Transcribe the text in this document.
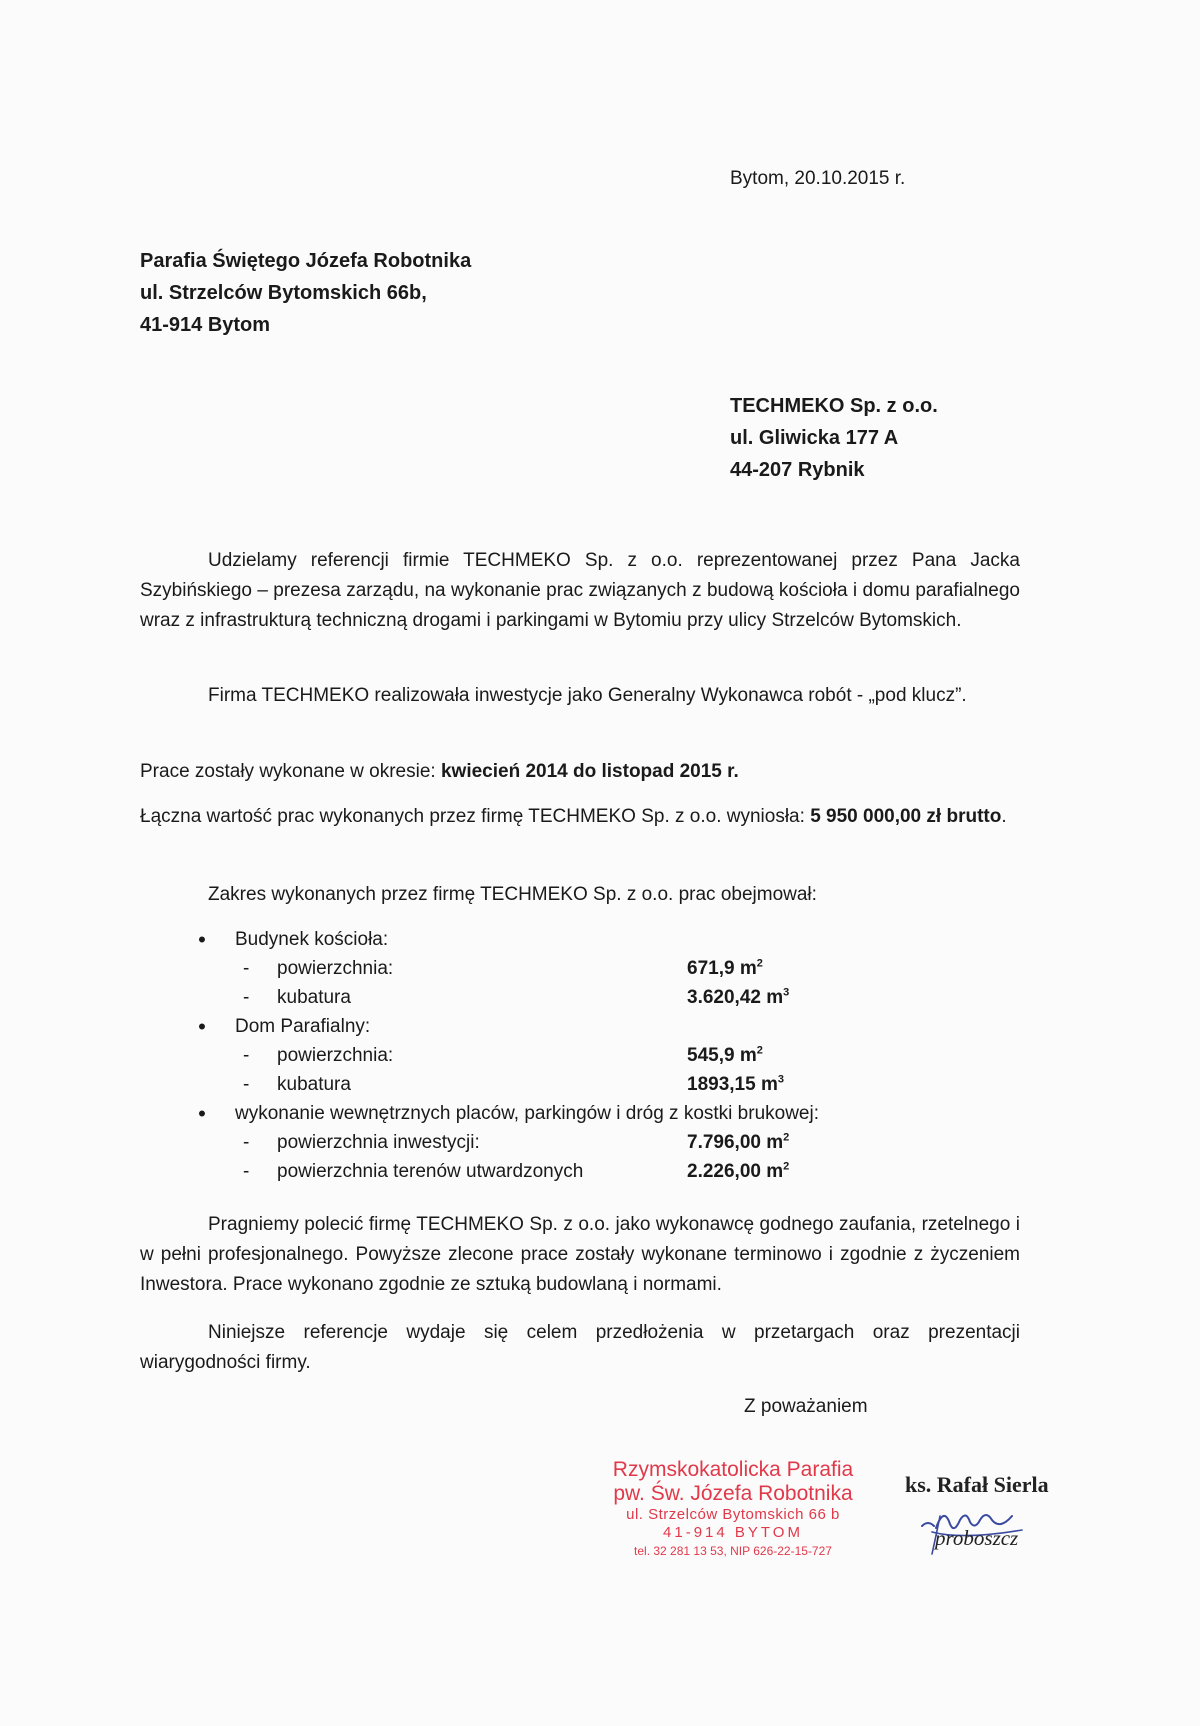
Bytom, 20.10.2015 r.
Parafia Świętego Józefa Robotnika
ul. Strzelców Bytomskich 66b,
41-914 Bytom
TECHMEKO Sp. z o.o.
ul. Gliwicka 177 A
44-207 Rybnik

Udzielamy referencji firmie TECHMEKO Sp. z o.o. reprezentowanej przez Pana Jacka Szybińskiego – prezesa zarządu, na wykonanie prac związanych z budową kościoła i domu parafialnego wraz z infrastrukturą techniczną drogami i parkingami w Bytomiu przy ulicy Strzelców Bytomskich.

Firma TECHMEKO realizowała inwestycje jako Generalny Wykonawca robót - „pod klucz”.

Prace zostały wykonane w okresie: kwiecień 2014 do listopad 2015 r.

Łączna wartość prac wykonanych przez firmę TECHMEKO Sp. z o.o. wyniosła: 5 950 000,00 zł brutto.

Zakres wykonanych przez firmę TECHMEKO Sp. z o.o. prac obejmował:

• Budynek kościoła:
- powierzchnia:	671,9 $m^2$
- kubatura	3.620,42 $m^3$
• Dom Parafialny:
- powierzchnia:	545,9 $m^2$
- kubatura	1893,15 $m^3$
• wykonanie wewnętrznych placów, parkingów i dróg z kostki brukowej:
- powierzchnia inwestycji:	7.796,00 $m^2$
- powierzchnia terenów utwardzonych	2.226,00 $m^2$

Pragniemy polecić firmę TECHMEKO Sp. z o.o. jako wykonawcę godnego zaufania, rzetelnego i w pełni profesjonalnego. Powyższe zlecone prace zostały wykonane terminowo i zgodnie z życzeniem Inwestora. Prace wykonano zgodnie ze sztuką budowlaną i normami.

Niniejsze referencje wydaje się celem przedłożenia w przetargach oraz prezentacji wiarygodności firmy.

Z poważaniem
Rzymskokatolicka Parafia
pw. Św. Józefa Robotnika
ul. Strzelców Bytomskich 66 b
41-914 BYTOM
tel. 32 281 13 53, NIP 626-22-15-727
ks. Rafał Sierla
proboszcz
